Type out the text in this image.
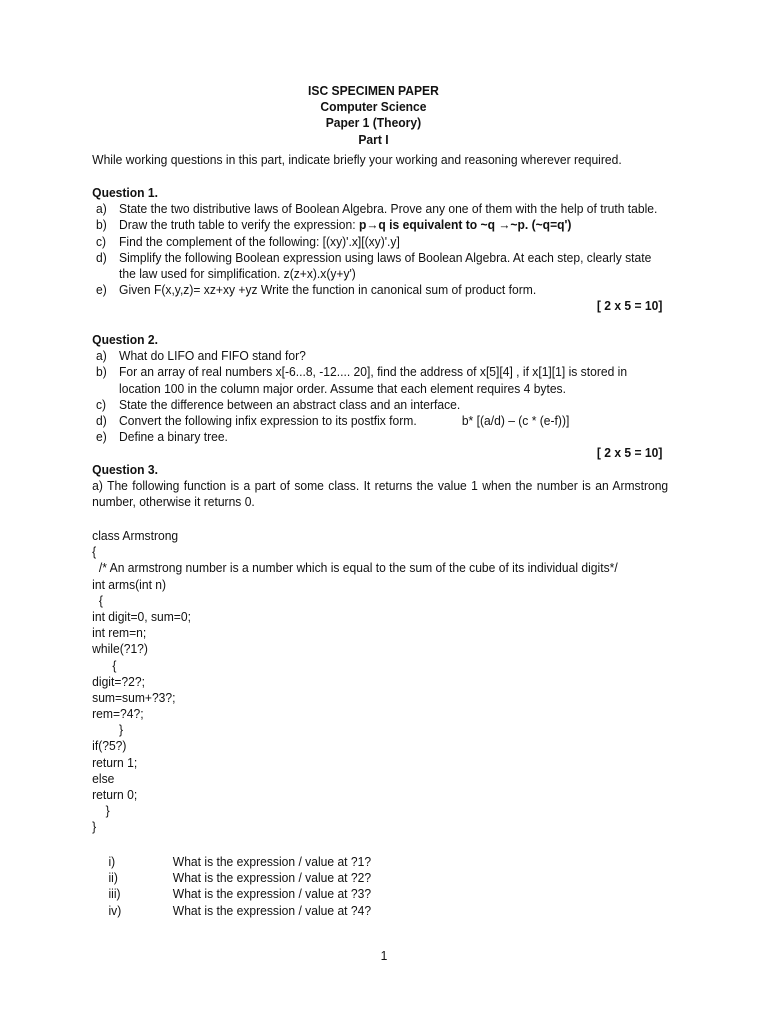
ISC SPECIMEN PAPER
Computer Science
Paper 1 (Theory)
Part I
While working questions in this part, indicate briefly your working and reasoning wherever required.
Question 1.
a) State the two distributive laws of Boolean Algebra. Prove any one of them with the help of truth table.
b) Draw the truth table to verify the expression: p→q is equivalent to ~q →~p. (~q=q')
c) Find the complement of the following: [(xy)'.x][(xy)'.y]
d) Simplify the following Boolean expression using laws of Boolean Algebra. At each step, clearly state the law used for simplification. z(z+x).x(y+y')
e) Given F(x,y,z)= xz+xy +yz Write the function in canonical sum of product form.
[ 2 x 5 = 10]
Question 2.
a) What do LIFO and FIFO stand for?
b) For an array of real numbers x[-6...8, -12.... 20], find the address of x[5][4] , if x[1][1] is stored in location 100 in the column major order. Assume that each element requires 4 bytes.
c) State the difference between an abstract class and an interface.
d) Convert the following infix expression to its postfix form.	b* [(a/d) – (c * (e-f))]
e) Define a binary tree.
[ 2 x 5 = 10]
Question 3.
a) The following function is a part of some class. It returns the value 1 when the number is an Armstrong number, otherwise it returns 0.
class Armstrong
{
/* An armstrong number is a number which is equal to the sum of the cube of its individual digits*/
int arms(int n)
{
int digit=0, sum=0;
int rem=n;
while(?1?)
{
digit=?2?;
sum=sum+?3?;
rem=?4?;
}
if(?5?)
return 1;
else
return 0;
}
}
i)	What is the expression / value at ?1?
ii)	What is the expression / value at ?2?
iii)	What is the expression / value at ?3?
iv)	What is the expression / value at ?4?
1
